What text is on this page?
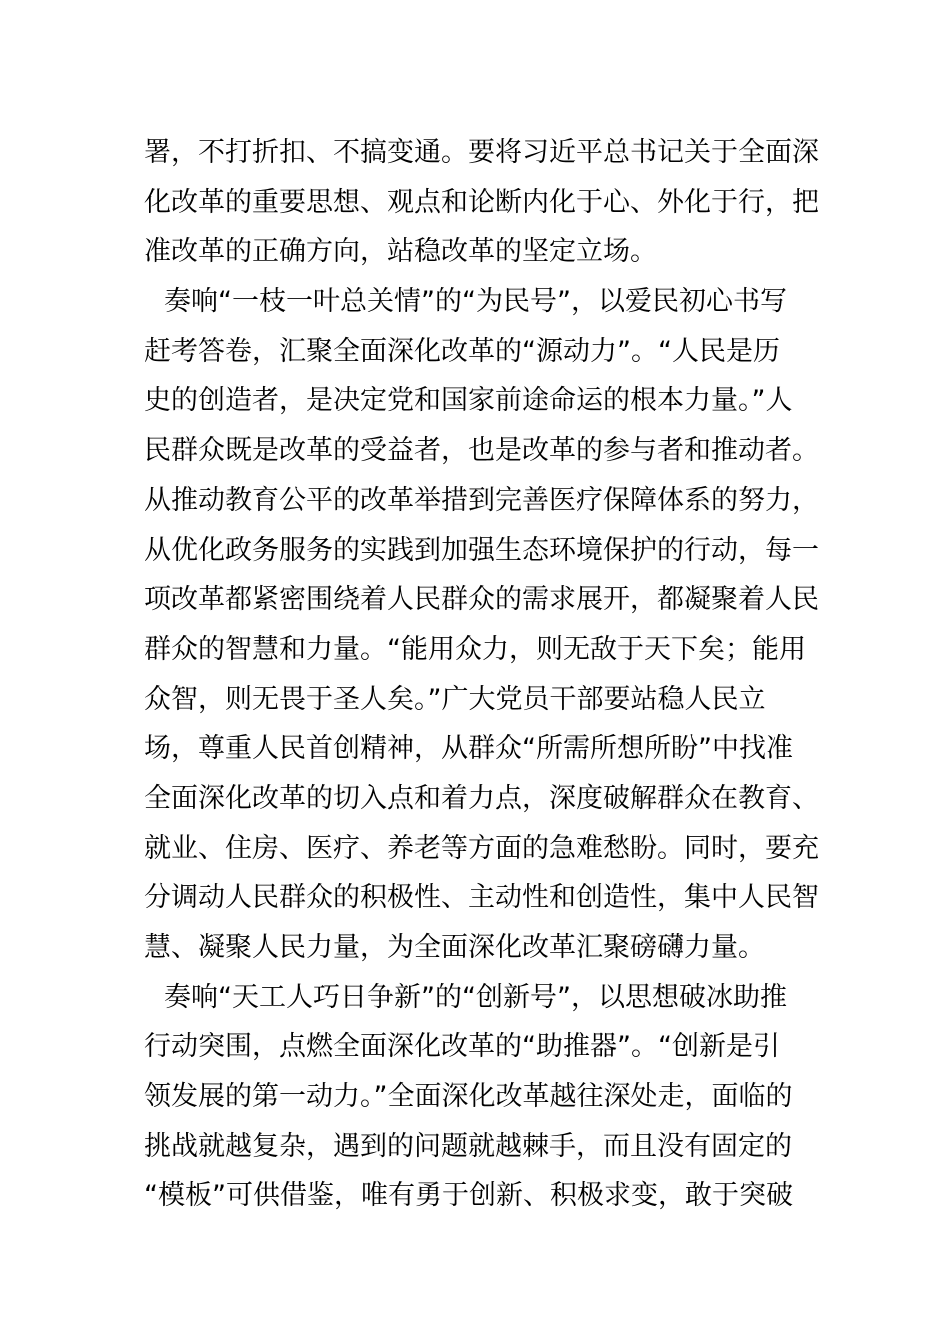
署，不打折扣、不搞变通。要将习近平总书记关于全面深
化改革的重要思想、观点和论断内化于心、外化于行，把
准改革的正确方向，站稳改革的坚定立场。
奏响“一枝一叶总关情”的“为民号”，以爱民初心书写
赶考答卷，汇聚全面深化改革的“源动力”。“人民是历
史的创造者，是决定党和国家前途命运的根本力量。”人
民群众既是改革的受益者，也是改革的参与者和推动者。
从推动教育公平的改革举措到完善医疗保障体系的努力，
从优化政务服务的实践到加强生态环境保护的行动，每一
项改革都紧密围绕着人民群众的需求展开，都凝聚着人民
群众的智慧和力量。“能用众力，则无敌于天下矣；能用
众智，则无畏于圣人矣。”广大党员干部要站稳人民立
场，尊重人民首创精神，从群众“所需所想所盼”中找准
全面深化改革的切入点和着力点，深度破解群众在教育、
就业、住房、医疗、养老等方面的急难愁盼。同时，要充
分调动人民群众的积极性、主动性和创造性，集中人民智
慧、凝聚人民力量，为全面深化改革汇聚磅礴力量。
奏响“天工人巧日争新”的“创新号”，以思想破冰助推
行动突围，点燃全面深化改革的“助推器”。“创新是引
领发展的第一动力。”全面深化改革越往深处走，面临的
挑战就越复杂，遇到的问题就越棘手，而且没有固定的
“模板”可供借鉴，唯有勇于创新、积极求变，敢于突破
